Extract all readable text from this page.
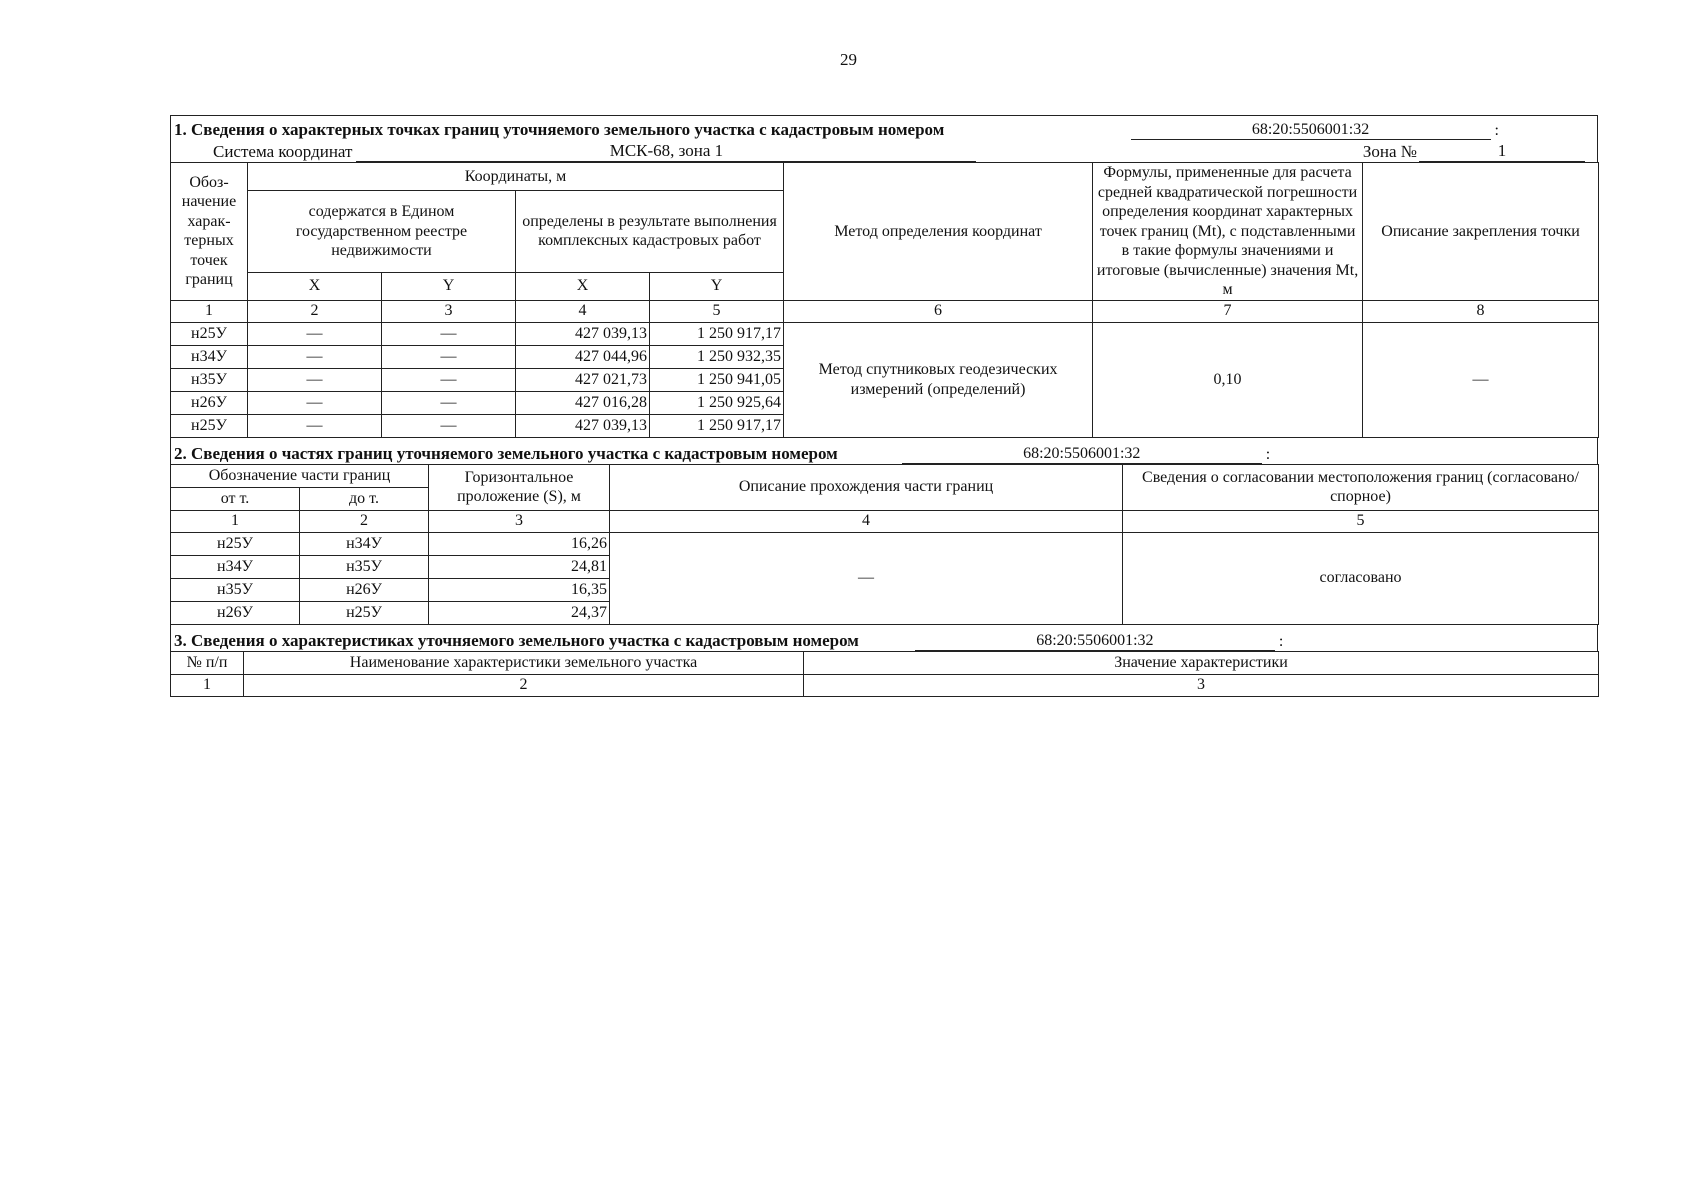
29
1. Сведения о характерных точках границ уточняемого земельного участка с кадастровым номером	68:20:5506001:32	:
Система координат	МСК-68, зона 1	Зона №	1
Обоз-начение харак-терных точек границ	Координаты, м				Метод определения координат	Формулы, примененные для расчета средней квадратической погрешности определения координат характерных точек границ (Mt), с подставленными в такие формулы значениями и итоговые (вычисленные) значения Mt, м	Описание закрепления точки
	содержатся в Едином государственном реестре недвижимости		определены в результате выполнения комплексных кадастровых работ				
	X	Y	X	Y			
1	2	3	4	5	6	7	8
н25У	—	—	427 039,13	1 250 917,17	Метод спутниковых геодезических измерений (определений)	0,10	—
н34У	—	—	427 044,96	1 250 932,35			
н35У	—	—	427 021,73	1 250 941,05			
н26У	—	—	427 016,28	1 250 925,64			
н25У	—	—	427 039,13	1 250 917,17			
2. Сведения о частях границ уточняемого земельного участка с кадастровым номером	68:20:5506001:32	:
Обозначение части границ		Горизонтальное проложение (S), м	Описание прохождения части границ	Сведения о согласовании местоположения границ (согласовано/спорное)
от т.	до т.			
1	2	3	4	5
н25У	н34У	16,26	—	согласовано
н34У	н35У	24,81		
н35У	н26У	16,35		
н26У	н25У	24,37		
3. Сведения о характеристиках уточняемого земельного участка с кадастровым номером	68:20:5506001:32	:
№ п/п	Наименование характеристики земельного участка	Значение характеристики
1	2	3
